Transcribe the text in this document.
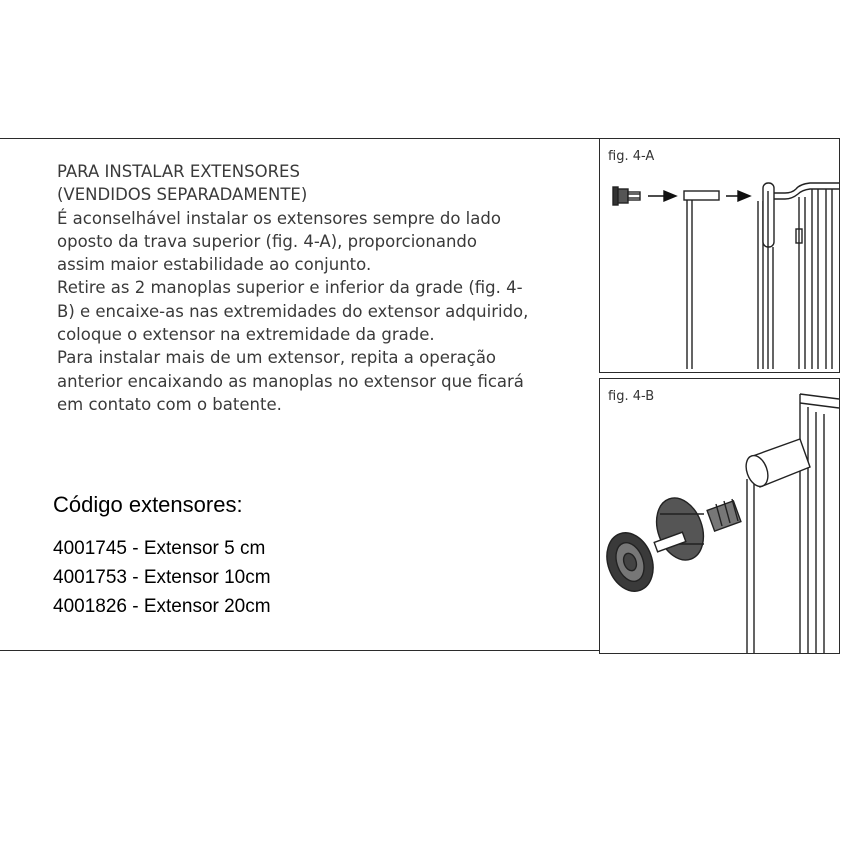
PARA INSTALAR EXTENSORES
(VENDIDOS SEPARADAMENTE)
É aconselhável instalar os extensores sempre do lado
oposto da trava superior (fig. 4-A), proporcionando
assim maior estabilidade ao conjunto.
Retire as 2 manoplas superior e inferior da grade (fig. 4-
B) e encaixe-as nas extremidades do extensor adquirido,
coloque o extensor na extremidade da grade.
Para instalar mais de um extensor, repita a operação
anterior encaixando as manoplas no extensor que ficará
em contato com o batente.
Código extensores:
4001745 - Extensor 5 cm
4001753 - Extensor 10cm
4001826 - Extensor 20cm
fig. 4-A
fig. 4-B
